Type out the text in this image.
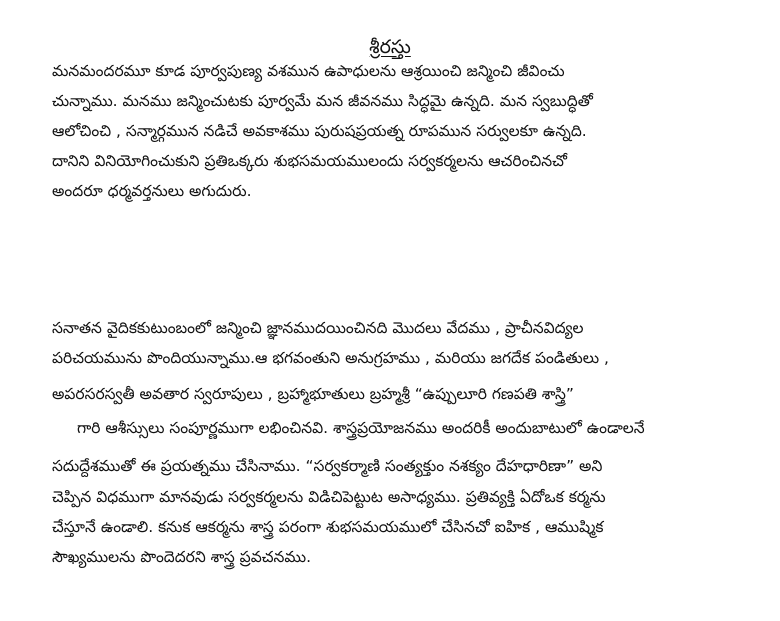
శ్రీరస్తు
మనమందరమూ కూడ పూర్వపుణ్య వశమున ఉపాధులను ఆశ్రయించి జన్మించి జీవించు
చున్నాము. మనము జన్మించుటకు పూర్వమే మన జీవనము సిద్ధమై ఉన్నది. మన స్వబుద్ధితో
ఆలోచించి , సన్మార్గమున నడిచే అవకాశము పురుషప్రయత్న రూపమున సర్వులకూ ఉన్నది.
దానిని వినియోగించుకుని ప్రతిఒక్కరు శుభసమయములందు సర్వకర్మలను ఆచరించినచో
అందరూ ధర్మవర్తనులు అగుదురు.
సనాతన వైదికకుటుంబంలో జన్మించి జ్ఞానముదయించినది మొదలు వేదము , ప్రాచీనవిద్యల
పరిచయమును పొందియున్నాము.ఆ భగవంతుని అనుగ్రహము , మరియు జగదేక పండితులు ,
అపరసరస్వతీ అవతార స్వరూపులు , బ్రహ్మాభూతులు బ్రహ్మశ్రీ “ఉప్పులూరి గణపతి శాస్త్రి”
గారి ఆశీస్సులు సంపూర్ణముగా లభించినవి. శాస్త్రప్రయోజనము అందరికీ అందుబాటులో ఉండాలనే
సదుద్దేశముతో ఈ ప్రయత్నము చేసినాము. “సర్వకర్మాణి సంత్యక్తుం నశక్యం దేహధారిణా” అని
చెప్పిన విధముగా మానవుడు సర్వకర్మలను విడిచిపెట్టుట అసాధ్యము. ప్రతివ్యక్తి ఏదోఒక కర్మను
చేస్తూనే ఉండాలి. కనుక ఆకర్మను శాస్త్ర పరంగా శుభసమయములో చేసినచో ఐహిక , ఆముష్మిక
సౌఖ్యములను పొందెదరని శాస్త్ర ప్రవచనము.
